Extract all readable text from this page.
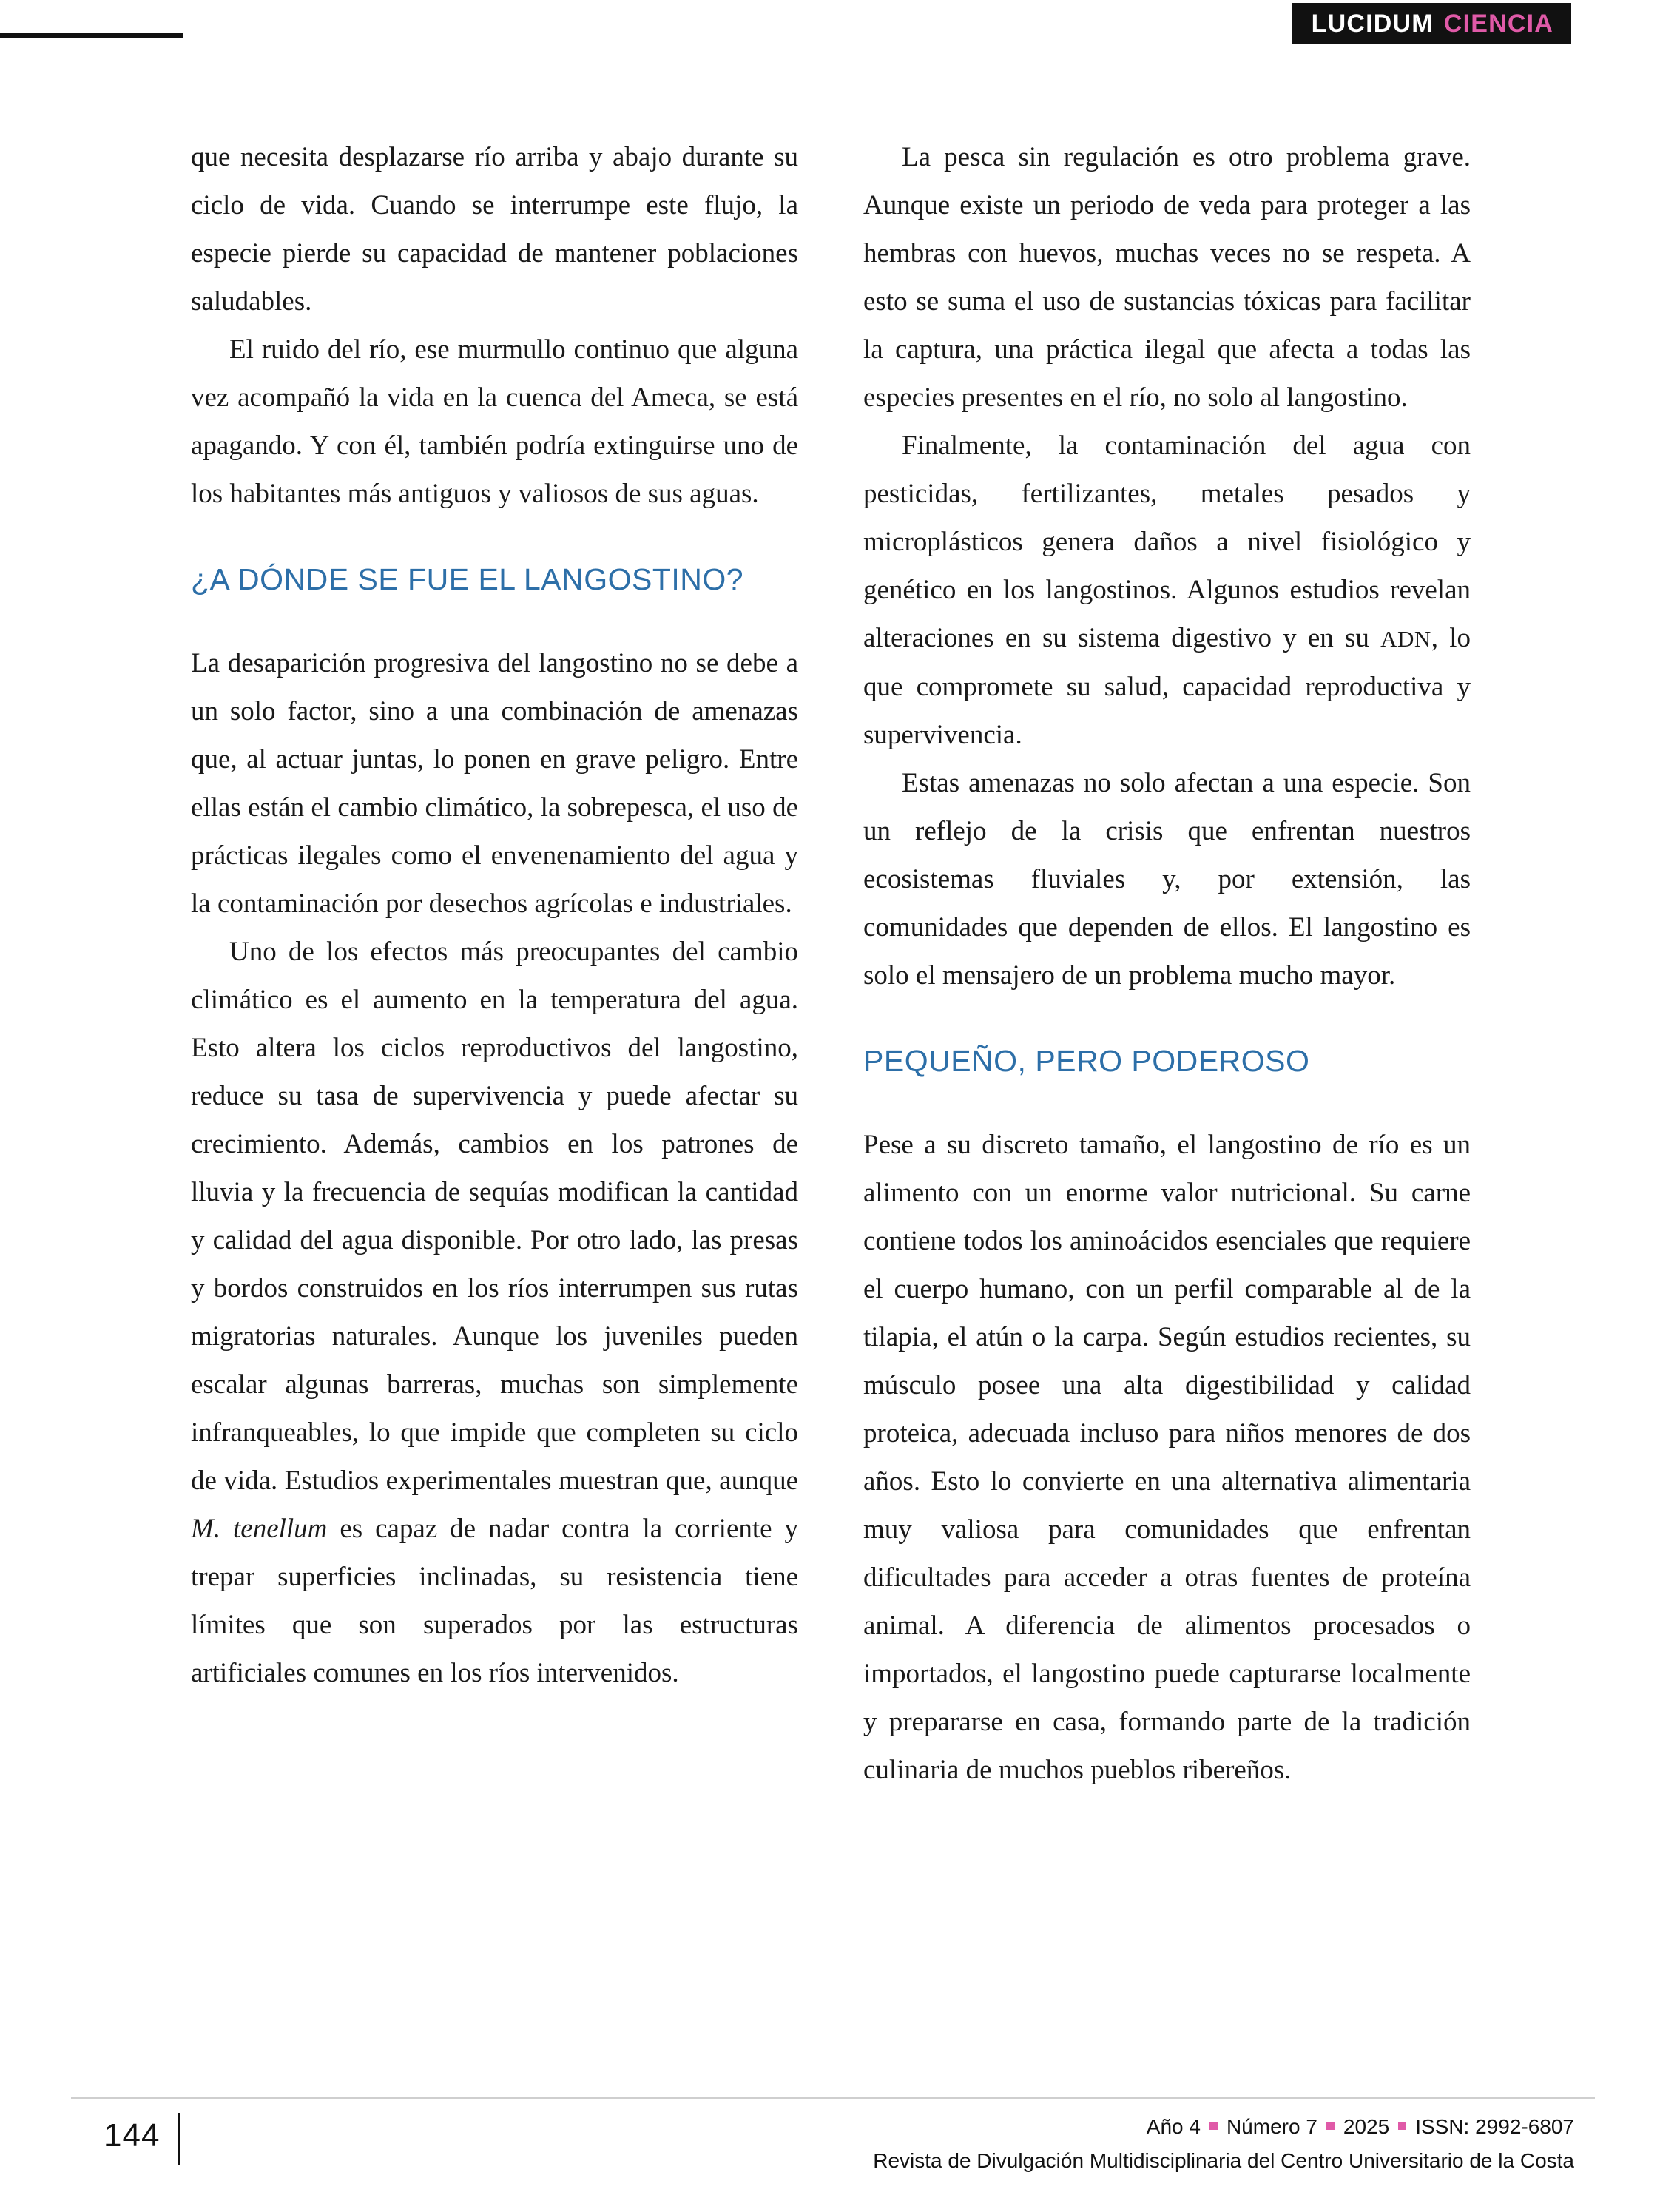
LUCIDUM CIENCIA

que necesita desplazarse río arriba y abajo durante su ciclo de vida. Cuando se interrumpe este flujo, la especie pierde su capacidad de mantener poblaciones saludables.

El ruido del río, ese murmullo continuo que alguna vez acompañó la vida en la cuenca del Ameca, se está apagando. Y con él, también podría extinguirse uno de los habitantes más antiguos y valiosos de sus aguas.

¿A DÓNDE SE FUE EL LANGOSTINO?

La desaparición progresiva del langostino no se debe a un solo factor, sino a una combinación de amenazas que, al actuar juntas, lo ponen en grave peligro. Entre ellas están el cambio climático, la sobrepesca, el uso de prácticas ilegales como el envenenamiento del agua y la contaminación por desechos agrícolas e industriales.

Uno de los efectos más preocupantes del cambio climático es el aumento en la temperatura del agua. Esto altera los ciclos reproductivos del langostino, reduce su tasa de supervivencia y puede afectar su crecimiento. Además, cambios en los patrones de lluvia y la frecuencia de sequías modifican la cantidad y calidad del agua disponible. Por otro lado, las presas y bordos construidos en los ríos interrumpen sus rutas migratorias naturales. Aunque los juveniles pueden escalar algunas barreras, muchas son simplemente infranqueables, lo que impide que completen su ciclo de vida. Estudios experimentales muestran que, aunque M. tenellum es capaz de nadar contra la corriente y trepar superficies inclinadas, su resistencia tiene límites que son superados por las estructuras artificiales comunes en los ríos intervenidos.

La pesca sin regulación es otro problema grave. Aunque existe un periodo de veda para proteger a las hembras con huevos, muchas veces no se respeta. A esto se suma el uso de sustancias tóxicas para facilitar la captura, una práctica ilegal que afecta a todas las especies presentes en el río, no solo al langostino.

Finalmente, la contaminación del agua con pesticidas, fertilizantes, metales pesados y microplásticos genera daños a nivel fisiológico y genético en los langostinos. Algunos estudios revelan alteraciones en su sistema digestivo y en su ADN, lo que compromete su salud, capacidad reproductiva y supervivencia.

Estas amenazas no solo afectan a una especie. Son un reflejo de la crisis que enfrentan nuestros ecosistemas fluviales y, por extensión, las comunidades que dependen de ellos. El langostino es solo el mensajero de un problema mucho mayor.

PEQUEÑO, PERO PODEROSO

Pese a su discreto tamaño, el langostino de río es un alimento con un enorme valor nutricional. Su carne contiene todos los aminoácidos esenciales que requiere el cuerpo humano, con un perfil comparable al de la tilapia, el atún o la carpa. Según estudios recientes, su músculo posee una alta digestibilidad y calidad proteica, adecuada incluso para niños menores de dos años. Esto lo convierte en una alternativa alimentaria muy valiosa para comunidades que enfrentan dificultades para acceder a otras fuentes de proteína animal. A diferencia de alimentos procesados o importados, el langostino puede capturarse localmente y prepararse en casa, formando parte de la tradición culinaria de muchos pueblos ribereños.

144	Año 4 Número 7 2025 ISSN: 2992-6807
Revista de Divulgación Multidisciplinaria del Centro Universitario de la Costa
